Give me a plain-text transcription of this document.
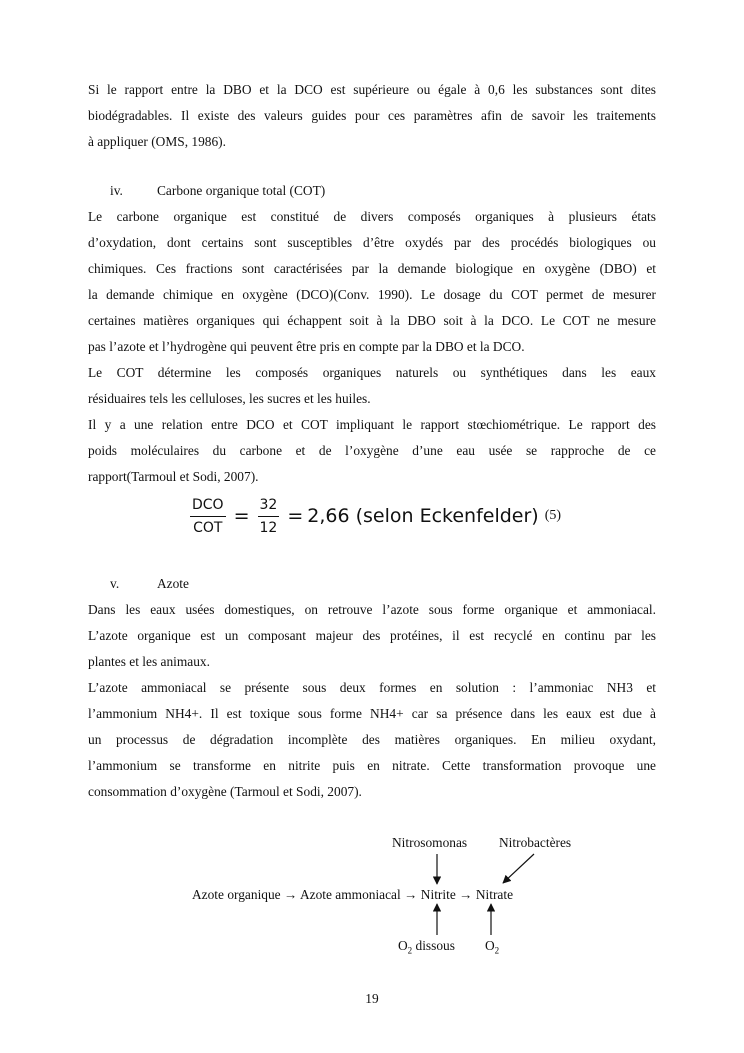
Si le rapport entre la DBO et la DCO est supérieure ou égale à 0,6 les substances sont dites
biodégradables. Il existe des valeurs guides pour ces paramètres afin de savoir les traitements
à appliquer (OMS, 1986).
iv.	Carbone organique total (COT)
Le carbone organique est constitué de divers composés organiques à plusieurs états
d’oxydation, dont certains sont susceptibles d’être oxydés par des procédés biologiques ou
chimiques. Ces fractions sont caractérisées par la demande biologique en oxygène (DBO) et
la demande chimique en oxygène (DCO)(Conv. 1990). Le dosage du COT permet de mesurer
certaines matières organiques qui échappent soit à la DBO soit à la DCO. Le COT ne mesure
pas l’azote et l’hydrogène qui peuvent être pris en compte par la DBO et la DCO.
Le COT détermine les composés organiques naturels ou synthétiques dans les eaux
résiduaires tels les celluloses, les sucres et les huiles.
Il y a une relation entre DCO et COT impliquant le rapport stœchiométrique. Le rapport des
poids moléculaires du carbone et de l’oxygène d’une eau usée se rapproche de ce
rapport(Tarmoul et Sodi, 2007).
$\frac{\text{DCO}}{\text{COT}} = \frac{32}{12} = 2,66$ (selon Eckenfelder) (5)
v.	Azote
Dans les eaux usées domestiques, on retrouve l’azote sous forme organique et ammoniacal.
L’azote organique est un composant majeur des protéines, il est recyclé en continu par les
plantes et les animaux.
L’azote ammoniacal se présente sous deux formes en solution : l’ammoniac NH3 et
l’ammonium NH4+. Il est toxique sous forme NH4+ car sa présence dans les eaux est due à
un processus de dégradation incomplète des matières organiques. En milieu oxydant,
l’ammonium se transforme en nitrite puis en nitrate. Cette transformation provoque une
consommation d’oxygène (Tarmoul et Sodi, 2007).
Nitrosomonas Nitrobactères
Azote organique → Azote ammoniacal → Nitrite → Nitrate
$O_2$ dissous $O_2$
19
